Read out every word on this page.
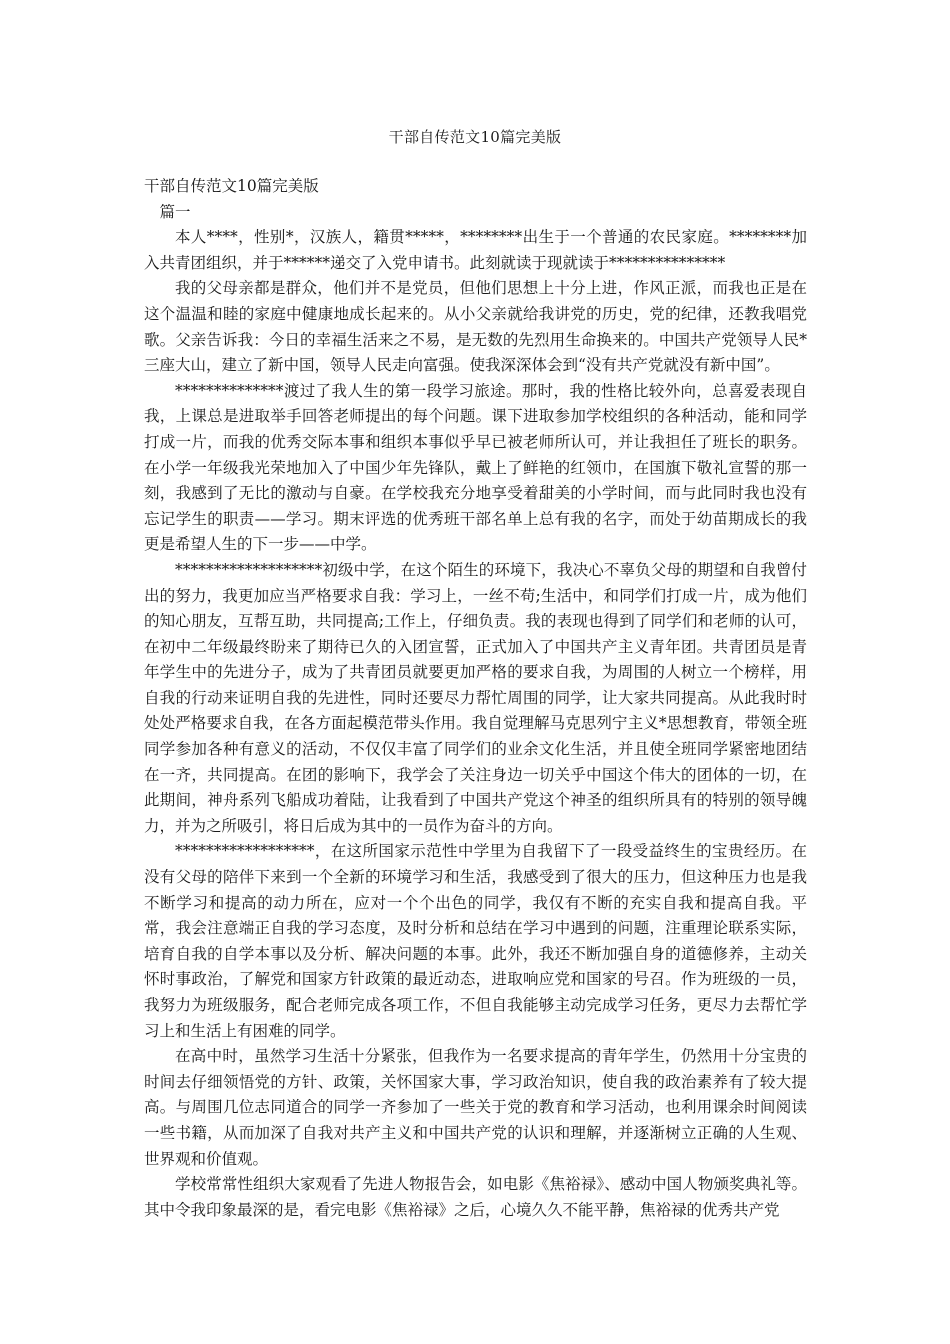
干部自传范文10篇完美版

干部自传范文10篇完美版

篇一

本人****，性别*，汉族人，籍贯*****，********出生于一个普通的农民家庭。********加入共青团组织，并于******递交了入党申请书。此刻就读于现就读于***************

我的父母亲都是群众，他们并不是党员，但他们思想上十分上进，作风正派，而我也正是在这个温温和睦的家庭中健康地成长起来的。从小父亲就给我讲党的历史，党的纪律，还教我唱党歌。父亲告诉我：今日的幸福生活来之不易，是无数的先烈用生命换来的。中国共产党领导人民*三座大山，建立了新中国，领导人民走向富强。使我深深体会到“没有共产党就没有新中国”。

**************渡过了我人生的第一段学习旅途。那时，我的性格比较外向，总喜爱表现自我，上课总是进取举手回答老师提出的每个问题。课下进取参加学校组织的各种活动，能和同学打成一片，而我的优秀交际本事和组织本事似乎早已被老师所认可，并让我担任了班长的职务。在小学一年级我光荣地加入了中国少年先锋队，戴上了鲜艳的红领巾，在国旗下敬礼宣誓的那一刻，我感到了无比的激动与自豪。在学校我充分地享受着甜美的小学时间，而与此同时我也没有忘记学生的职责——学习。期末评选的优秀班干部名单上总有我的名字，而处于幼苗期成长的我更是希望人生的下一步——中学。

*******************初级中学，在这个陌生的环境下，我决心不辜负父母的期望和自我曾付出的努力，我更加应当严格要求自我：学习上，一丝不苟;生活中，和同学们打成一片，成为他们的知心朋友，互帮互助，共同提高;工作上，仔细负责。我的表现也得到了同学们和老师的认可，在初中二年级最终盼来了期待已久的入团宣誓，正式加入了中国共产主义青年团。共青团员是青年学生中的先进分子，成为了共青团员就要更加严格的要求自我，为周围的人树立一个榜样，用自我的行动来证明自我的先进性，同时还要尽力帮忙周围的同学，让大家共同提高。从此我时时处处严格要求自我，在各方面起模范带头作用。我自觉理解马克思列宁主义*思想教育，带领全班同学参加各种有意义的活动，不仅仅丰富了同学们的业余文化生活，并且使全班同学紧密地团结在一齐，共同提高。在团的影响下，我学会了关注身边一切关乎中国这个伟大的团体的一切，在此期间，神舟系列飞船成功着陆，让我看到了中国共产党这个神圣的组织所具有的特别的领导魄力，并为之所吸引，将日后成为其中的一员作为奋斗的方向。

******************，在这所国家示范性中学里为自我留下了一段受益终生的宝贵经历。在没有父母的陪伴下来到一个全新的环境学习和生活，我感受到了很大的压力，但这种压力也是我不断学习和提高的动力所在，应对一个个出色的同学，我仅有不断的充实自我和提高自我。平常，我会注意端正自我的学习态度，及时分析和总结在学习中遇到的问题，注重理论联系实际，培育自我的自学本事以及分析、解决问题的本事。此外，我还不断加强自身的道德修养，主动关怀时事政治，了解党和国家方针政策的最近动态，进取响应党和国家的号召。作为班级的一员，我努力为班级服务，配合老师完成各项工作，不但自我能够主动完成学习任务，更尽力去帮忙学习上和生活上有困难的同学。

在高中时，虽然学习生活十分紧张，但我作为一名要求提高的青年学生，仍然用十分宝贵的时间去仔细领悟党的方针、政策，关怀国家大事，学习政治知识，使自我的政治素养有了较大提高。与周围几位志同道合的同学一齐参加了一些关于党的教育和学习活动，也利用课余时间阅读一些书籍，从而加深了自我对共产主义和中国共产党的认识和理解，并逐渐树立正确的人生观、世界观和价值观。

学校常常性组织大家观看了先进人物报告会，如电影《焦裕禄》、感动中国人物颁奖典礼等。其中令我印象最深的是，看完电影《焦裕禄》之后，心境久久不能平静，焦裕禄的优秀共产党
